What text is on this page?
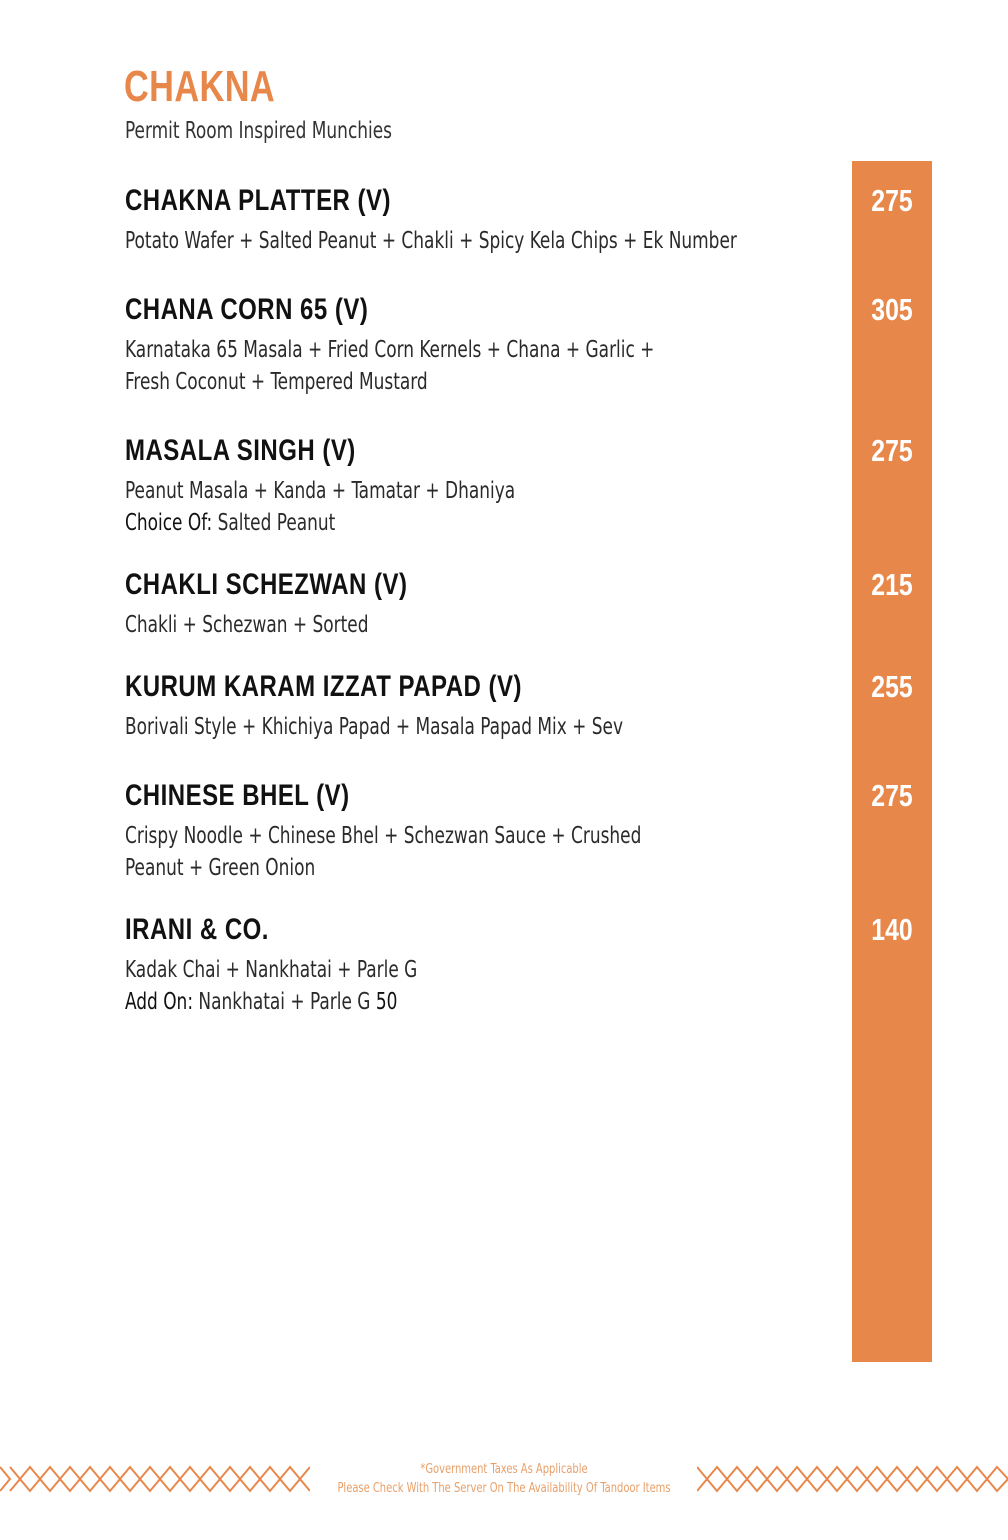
CHAKNA
Permit Room Inspired Munchies
CHAKNA PLATTER (V)
Potato Wafer + Salted Peanut + Chakli + Spicy Kela Chips + Ek Number
275
CHANA CORN 65 (V)
Karnataka 65 Masala + Fried Corn Kernels + Chana + Garlic +
Fresh Coconut + Tempered Mustard
305
MASALA SINGH (V)
Peanut Masala + Kanda + Tamatar + Dhaniya
Choice Of: Salted Peanut
275
CHAKLI SCHEZWAN (V)
Chakli + Schezwan + Sorted
215
KURUM KARAM IZZAT PAPAD (V)
Borivali Style + Khichiya Papad + Masala Papad Mix + Sev
255
CHINESE BHEL (V)
Crispy Noodle + Chinese Bhel + Schezwan Sauce + Crushed
Peanut + Green Onion
275
IRANI & CO.
Kadak Chai + Nankhatai + Parle G
Add On: Nankhatai + Parle G 50
140
*Government Taxes As Applicable
Please Check With The Server On The Availability Of Tandoor Items
